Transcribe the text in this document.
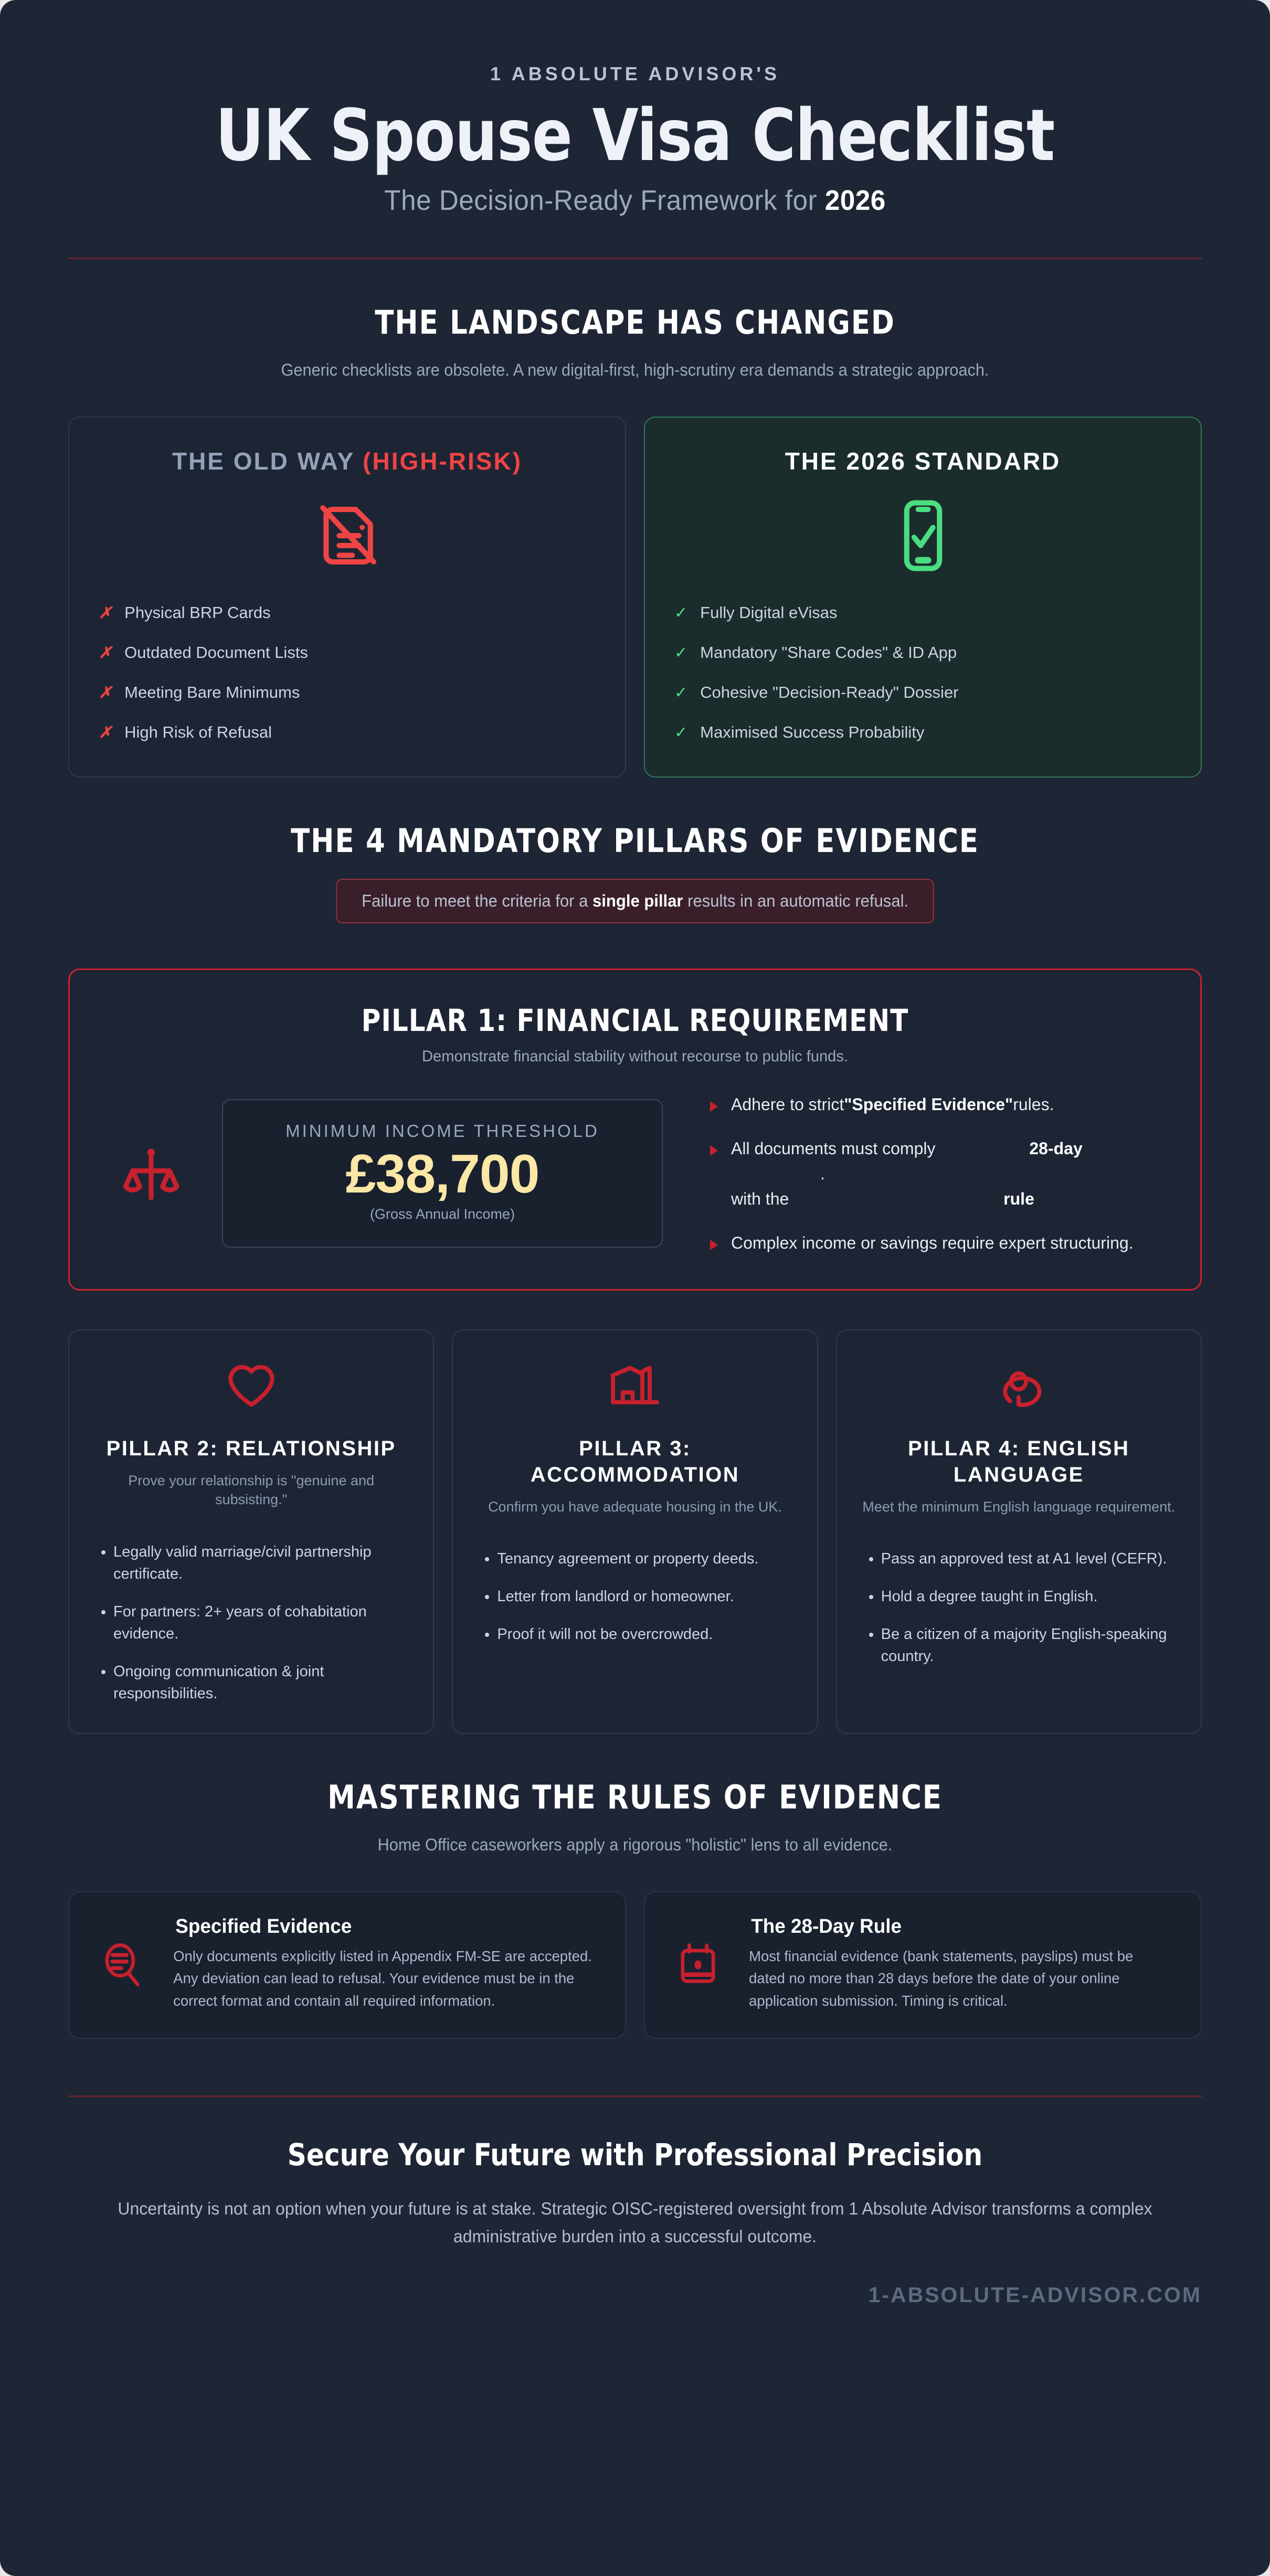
1 ABSOLUTE ADVISOR'S
UK Spouse Visa Checklist
The Decision-Ready Framework for 2026
THE LANDSCAPE HAS CHANGED
Generic checklists are obsolete. A new digital-first, high-scrutiny era demands a strategic approach.
THE OLD WAY (HIGH-RISK)
✗ Physical BRP Cards
✗ Outdated Document Lists
✗ Meeting Bare Minimums
✗ High Risk of Refusal
THE 2026 STANDARD
✓ Fully Digital eVisas
✓ Mandatory "Share Codes" & ID App
✓ Cohesive "Decision-Ready" Dossier
✓ Maximised Success Probability
THE 4 MANDATORY PILLARS OF EVIDENCE
Failure to meet the criteria for a single pillar results in an automatic refusal.
PILLAR 1: FINANCIAL REQUIREMENT
Demonstrate financial stability without recourse to public funds.
MINIMUM INCOME THRESHOLD
£38,700
(Gross Annual Income)
Adhere to strict"Specified Evidence"rules.
All documents must comply	28-day.
with the	rule
Complex income or savings require expert structuring.
PILLAR 2: RELATIONSHIP
Prove your relationship is "genuine and subsisting."
• Legally valid marriage/civil partnership certificate.
• For partners: 2+ years of cohabitation evidence.
• Ongoing communication & joint responsibilities.
PILLAR 3: ACCOMMODATION
Confirm you have adequate housing in the UK.
• Tenancy agreement or property deeds.
• Letter from landlord or homeowner.
• Proof it will not be overcrowded.
PILLAR 4: ENGLISH LANGUAGE
Meet the minimum English language requirement.
• Pass an approved test at A1 level (CEFR).
• Hold a degree taught in English.
• Be a citizen of a majority English-speaking country.
MASTERING THE RULES OF EVIDENCE
Home Office caseworkers apply a rigorous "holistic" lens to all evidence.
Specified Evidence
Only documents explicitly listed in Appendix FM-SE are accepted. Any deviation can lead to refusal. Your evidence must be in the correct format and contain all required information.
The 28-Day Rule
Most financial evidence (bank statements, payslips) must be dated no more than 28 days before the date of your online application submission. Timing is critical.
Secure Your Future with Professional Precision
Uncertainty is not an option when your future is at stake. Strategic OISC-registered oversight from 1 Absolute Advisor transforms a complex administrative burden into a successful outcome.
1-ABSOLUTE-ADVISOR.COM
